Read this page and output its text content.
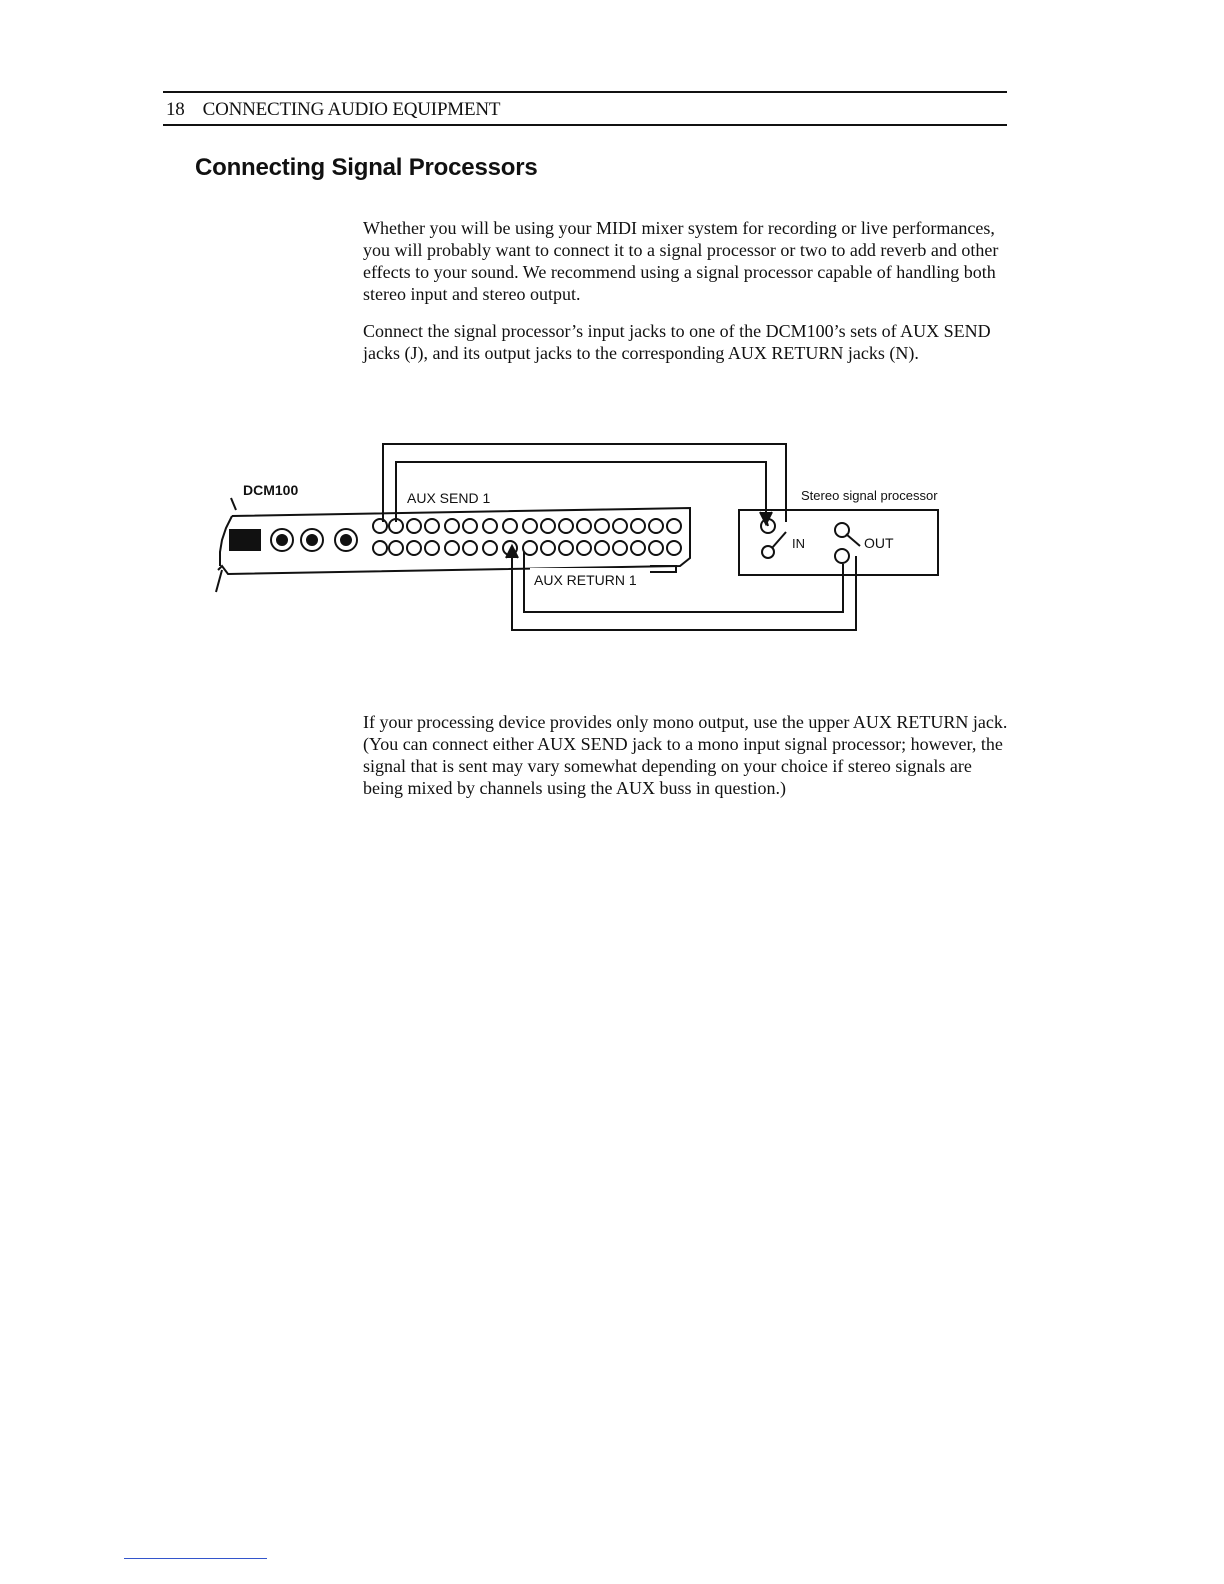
18 CONNECTING AUDIO EQUIPMENT
Connecting Signal Processors

Whether you will be using your MIDI mixer system for recording or live performances, you will probably want to connect it to a signal processor or two to add reverb and other effects to your sound. We recommend using a signal processor capable of handling both stereo input and stereo output.

Connect the signal processor’s input jacks to one of the DCM100’s sets of AUX SEND jacks (J), and its output jacks to the corresponding AUX RETURN jacks (N).

DCM100	AUX SEND 1
AUX RETURN 1
Stereo signal processor
IN	OUT

If your processing device provides only mono output, use the upper AUX RETURN jack. (You can connect either AUX SEND jack to a mono input signal processor; however, the signal that is sent may vary somewhat depending on your choice if stereo signals are being mixed by channels using the AUX buss in question.)
